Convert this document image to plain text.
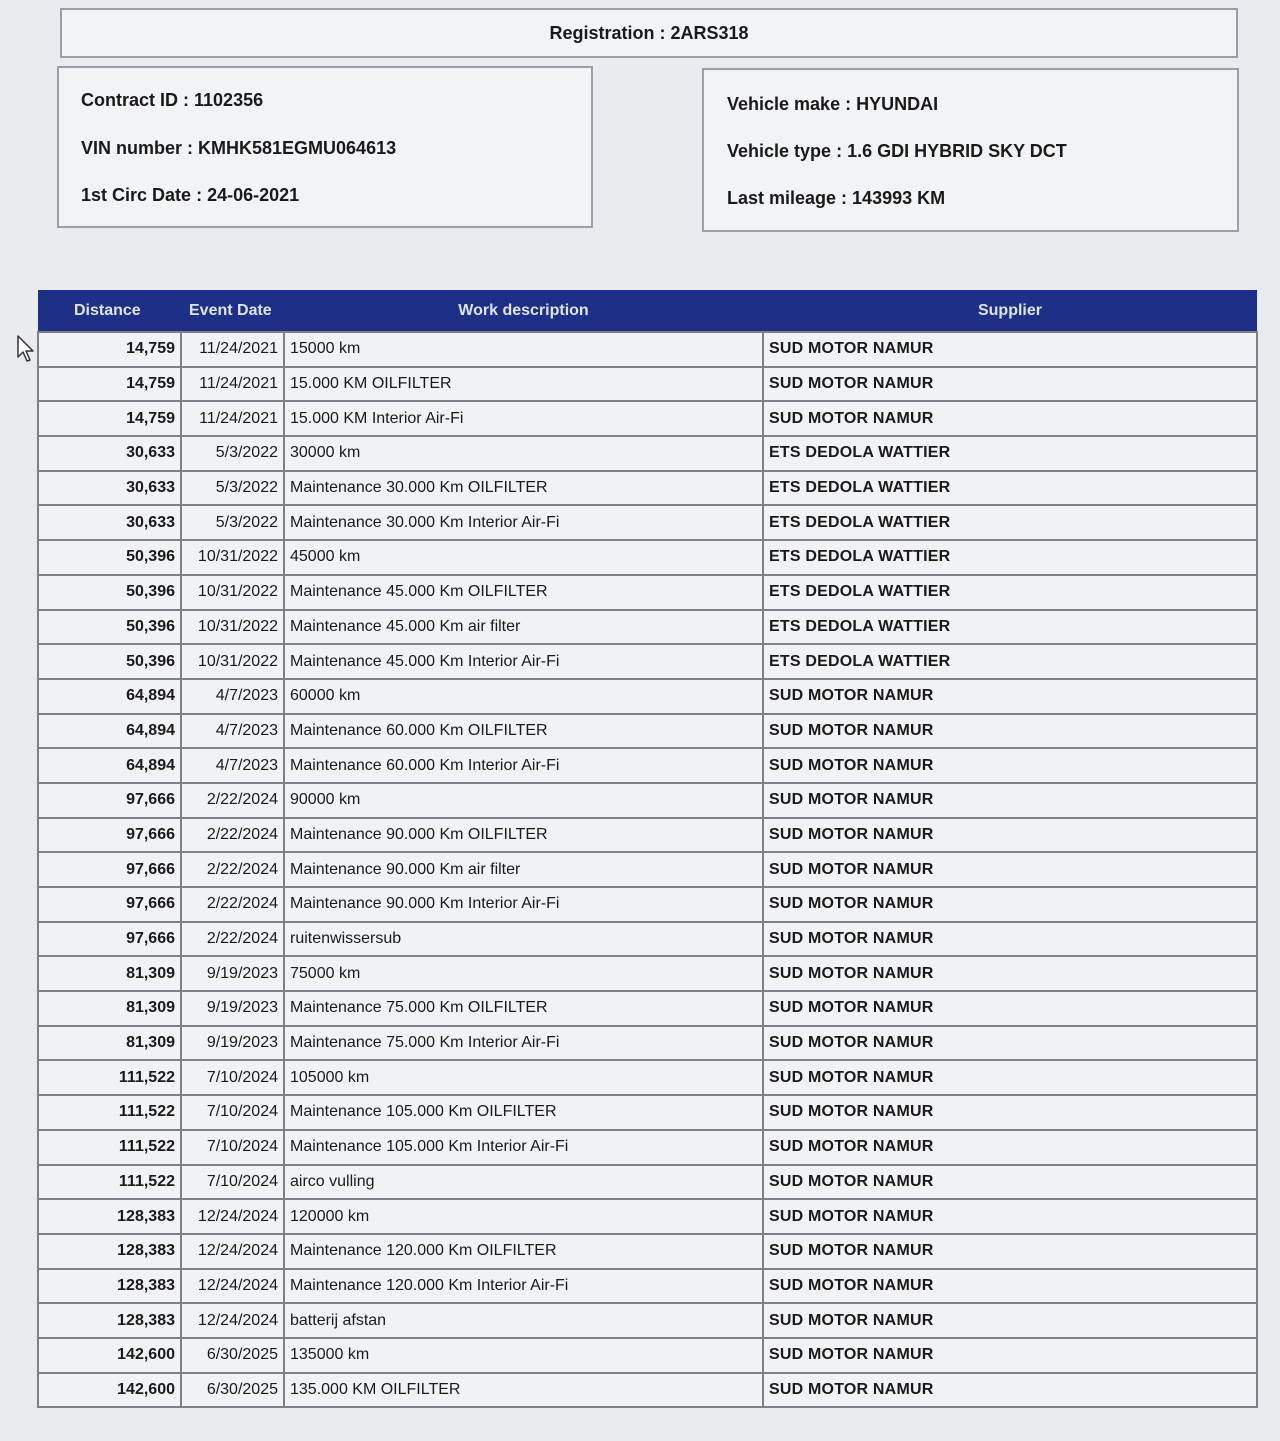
Registration : 2ARS318
Contract ID : 1102356
VIN number : KMHK581EGMU064613
1st Circ Date : 24-06-2021
Vehicle make : HYUNDAI
Vehicle type : 1.6 GDI HYBRID SKY DCT
Last mileage : 143993 KM
Distance	Event Date	Work description	Supplier
14,759	11/24/2021	15000 km	SUD MOTOR NAMUR
14,759	11/24/2021	15.000 KM OILFILTER	SUD MOTOR NAMUR
14,759	11/24/2021	15.000 KM Interior Air-Fi	SUD MOTOR NAMUR
30,633	5/3/2022	30000 km	ETS DEDOLA WATTIER
30,633	5/3/2022	Maintenance 30.000 Km OILFILTER	ETS DEDOLA WATTIER
30,633	5/3/2022	Maintenance 30.000 Km Interior Air-Fi	ETS DEDOLA WATTIER
50,396	10/31/2022	45000 km	ETS DEDOLA WATTIER
50,396	10/31/2022	Maintenance 45.000 Km OILFILTER	ETS DEDOLA WATTIER
50,396	10/31/2022	Maintenance 45.000 Km air filter	ETS DEDOLA WATTIER
50,396	10/31/2022	Maintenance 45.000 Km Interior Air-Fi	ETS DEDOLA WATTIER
64,894	4/7/2023	60000 km	SUD MOTOR NAMUR
64,894	4/7/2023	Maintenance 60.000 Km OILFILTER	SUD MOTOR NAMUR
64,894	4/7/2023	Maintenance 60.000 Km Interior Air-Fi	SUD MOTOR NAMUR
97,666	2/22/2024	90000 km	SUD MOTOR NAMUR
97,666	2/22/2024	Maintenance 90.000 Km OILFILTER	SUD MOTOR NAMUR
97,666	2/22/2024	Maintenance 90.000 Km air filter	SUD MOTOR NAMUR
97,666	2/22/2024	Maintenance 90.000 Km Interior Air-Fi	SUD MOTOR NAMUR
97,666	2/22/2024	ruitenwissersub	SUD MOTOR NAMUR
81,309	9/19/2023	75000 km	SUD MOTOR NAMUR
81,309	9/19/2023	Maintenance 75.000 Km OILFILTER	SUD MOTOR NAMUR
81,309	9/19/2023	Maintenance 75.000 Km Interior Air-Fi	SUD MOTOR NAMUR
111,522	7/10/2024	105000 km	SUD MOTOR NAMUR
111,522	7/10/2024	Maintenance 105.000 Km OILFILTER	SUD MOTOR NAMUR
111,522	7/10/2024	Maintenance 105.000 Km Interior Air-Fi	SUD MOTOR NAMUR
111,522	7/10/2024	airco vulling	SUD MOTOR NAMUR
128,383	12/24/2024	120000 km	SUD MOTOR NAMUR
128,383	12/24/2024	Maintenance 120.000 Km OILFILTER	SUD MOTOR NAMUR
128,383	12/24/2024	Maintenance 120.000 Km Interior Air-Fi	SUD MOTOR NAMUR
128,383	12/24/2024	batterij afstan	SUD MOTOR NAMUR
142,600	6/30/2025	135000 km	SUD MOTOR NAMUR
142,600	6/30/2025	135.000 KM OILFILTER	SUD MOTOR NAMUR
